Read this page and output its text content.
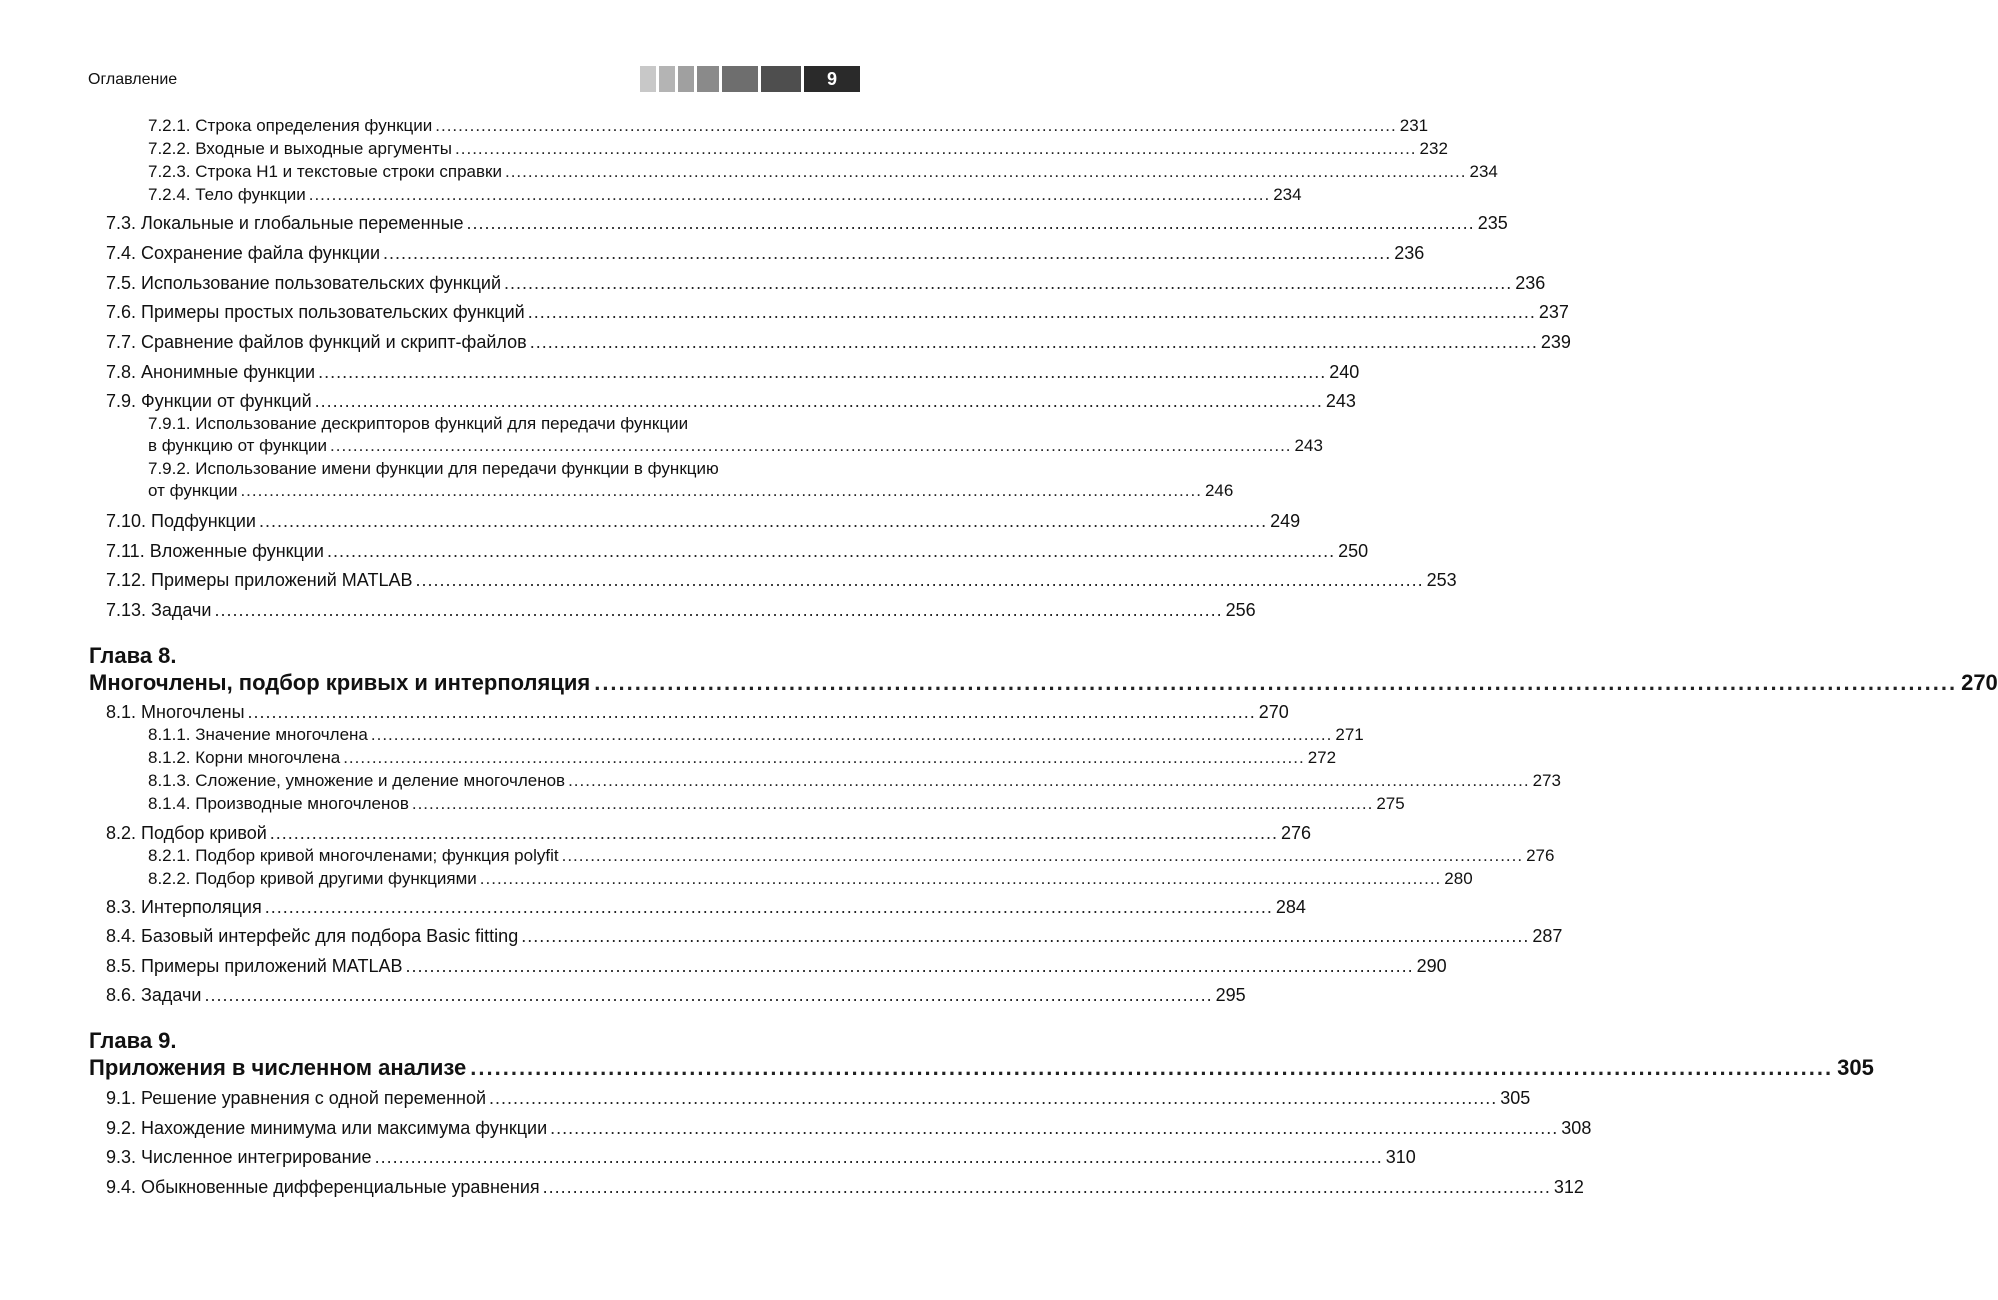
Оглавление	9
7.2.1. Строка определения функции ........................................................................................................................................................................ 231
7.2.2. Входные и выходные аргументы ........................................................................................................................................................................ 232
7.2.3. Строка H1 и текстовые строки справки ........................................................................................................................................................................ 234
7.2.4. Тело функции ........................................................................................................................................................................ 234
7.3. Локальные и глобальные переменные ........................................................................................................................................................................ 235
7.4. Сохранение файла функции ........................................................................................................................................................................ 236
7.5. Использование пользовательских функций ........................................................................................................................................................................ 236
7.6. Примеры простых пользовательских функций ........................................................................................................................................................................ 237
7.7. Сравнение файлов функций и скрипт-файлов ........................................................................................................................................................................ 239
7.8. Анонимные функции ........................................................................................................................................................................ 240
7.9. Функции от функций ........................................................................................................................................................................ 243
7.9.1. Использование дескрипторов функций для передачи функции
в функцию от функции ........................................................................................................................................................................ 243
7.9.2. Использование имени функции для передачи функции в функцию
от функции ........................................................................................................................................................................ 246
7.10. Подфункции ........................................................................................................................................................................ 249
7.11. Вложенные функции ........................................................................................................................................................................ 250
7.12. Примеры приложений MATLAB ........................................................................................................................................................................ 253
7.13. Задачи ........................................................................................................................................................................ 256
Глава 8.
Многочлены, подбор кривых и интерполяция ........................................................................................................................................................................ 270
8.1. Многочлены ........................................................................................................................................................................ 270
8.1.1. Значение многочлена ........................................................................................................................................................................ 271
8.1.2. Корни многочлена ........................................................................................................................................................................ 272
8.1.3. Сложение, умножение и деление многочленов ........................................................................................................................................................................ 273
8.1.4. Производные многочленов ........................................................................................................................................................................ 275
8.2. Подбор кривой ........................................................................................................................................................................ 276
8.2.1. Подбор кривой многочленами; функция polyfit ........................................................................................................................................................................ 276
8.2.2. Подбор кривой другими функциями ........................................................................................................................................................................ 280
8.3. Интерполяция ........................................................................................................................................................................ 284
8.4. Базовый интерфейс для подбора Basic fitting ........................................................................................................................................................................ 287
8.5. Примеры приложений MATLAB ........................................................................................................................................................................ 290
8.6. Задачи ........................................................................................................................................................................ 295
Глава 9.
Приложения в численном анализе ........................................................................................................................................................................ 305
9.1. Решение уравнения с одной переменной ........................................................................................................................................................................ 305
9.2. Нахождение минимума или максимума функции ........................................................................................................................................................................ 308
9.3. Численное интегрирование ........................................................................................................................................................................ 310
9.4. Обыкновенные дифференциальные уравнения ........................................................................................................................................................................ 312
